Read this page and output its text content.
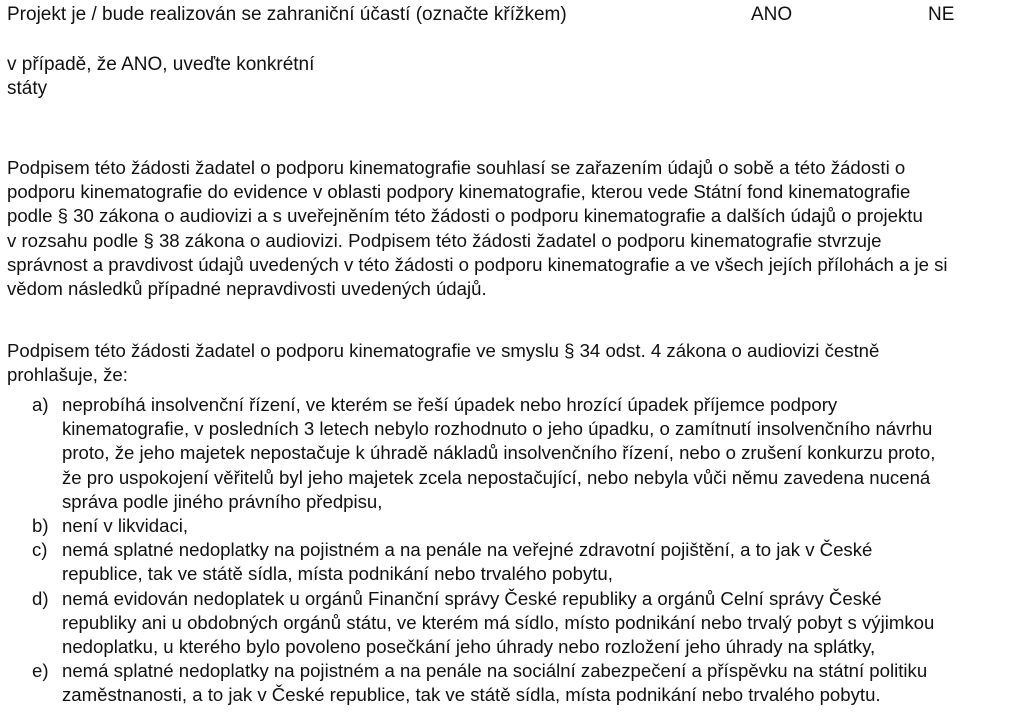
Projekt je / bude realizován se zahraniční účastí (označte křížkem)	ANO	NE
v případě, že ANO, uveďte konkrétní
státy
Podpisem této žádosti žadatel o podporu kinematografie souhlasí se zařazením údajů o sobě a této žádosti o
podporu kinematografie do evidence v oblasti podpory kinematografie, kterou vede Státní fond kinematografie
podle § 30 zákona o audiovizi a s uveřejněním této žádosti o podporu kinematografie a dalších údajů o projektu
v rozsahu podle § 38 zákona o audiovizi. Podpisem této žádosti žadatel o podporu kinematografie stvrzuje
správnost a pravdivost údajů uvedených v této žádosti o podporu kinematografie a ve všech jejích přílohách a je si
vědom následků případné nepravdivosti uvedených údajů.
Podpisem této žádosti žadatel o podporu kinematografie ve smyslu § 34 odst. 4 zákona o audiovizi čestně
prohlašuje, že:
a) neprobíhá insolvenční řízení, ve kterém se řeší úpadek nebo hrozící úpadek příjemce podpory
kinematografie, v posledních 3 letech nebylo rozhodnuto o jeho úpadku, o zamítnutí insolvenčního návrhu
proto, že jeho majetek nepostačuje k úhradě nákladů insolvenčního řízení, nebo o zrušení konkurzu proto,
že pro uspokojení věřitelů byl jeho majetek zcela nepostačující, nebo nebyla vůči němu zavedena nucená
správa podle jiného právního předpisu,
b) není v likvidaci,
c) nemá splatné nedoplatky na pojistném a na penále na veřejné zdravotní pojištění, a to jak v České
republice, tak ve státě sídla, místa podnikání nebo trvalého pobytu,
d) nemá evidován nedoplatek u orgánů Finanční správy České republiky a orgánů Celní správy České
republiky ani u obdobných orgánů státu, ve kterém má sídlo, místo podnikání nebo trvalý pobyt s výjimkou
nedoplatku, u kterého bylo povoleno posečkání jeho úhrady nebo rozložení jeho úhrady na splátky,
e) nemá splatné nedoplatky na pojistném a na penále na sociální zabezpečení a příspěvku na státní politiku
zaměstnanosti, a to jak v České republice, tak ve státě sídla, místa podnikání nebo trvalého pobytu.
